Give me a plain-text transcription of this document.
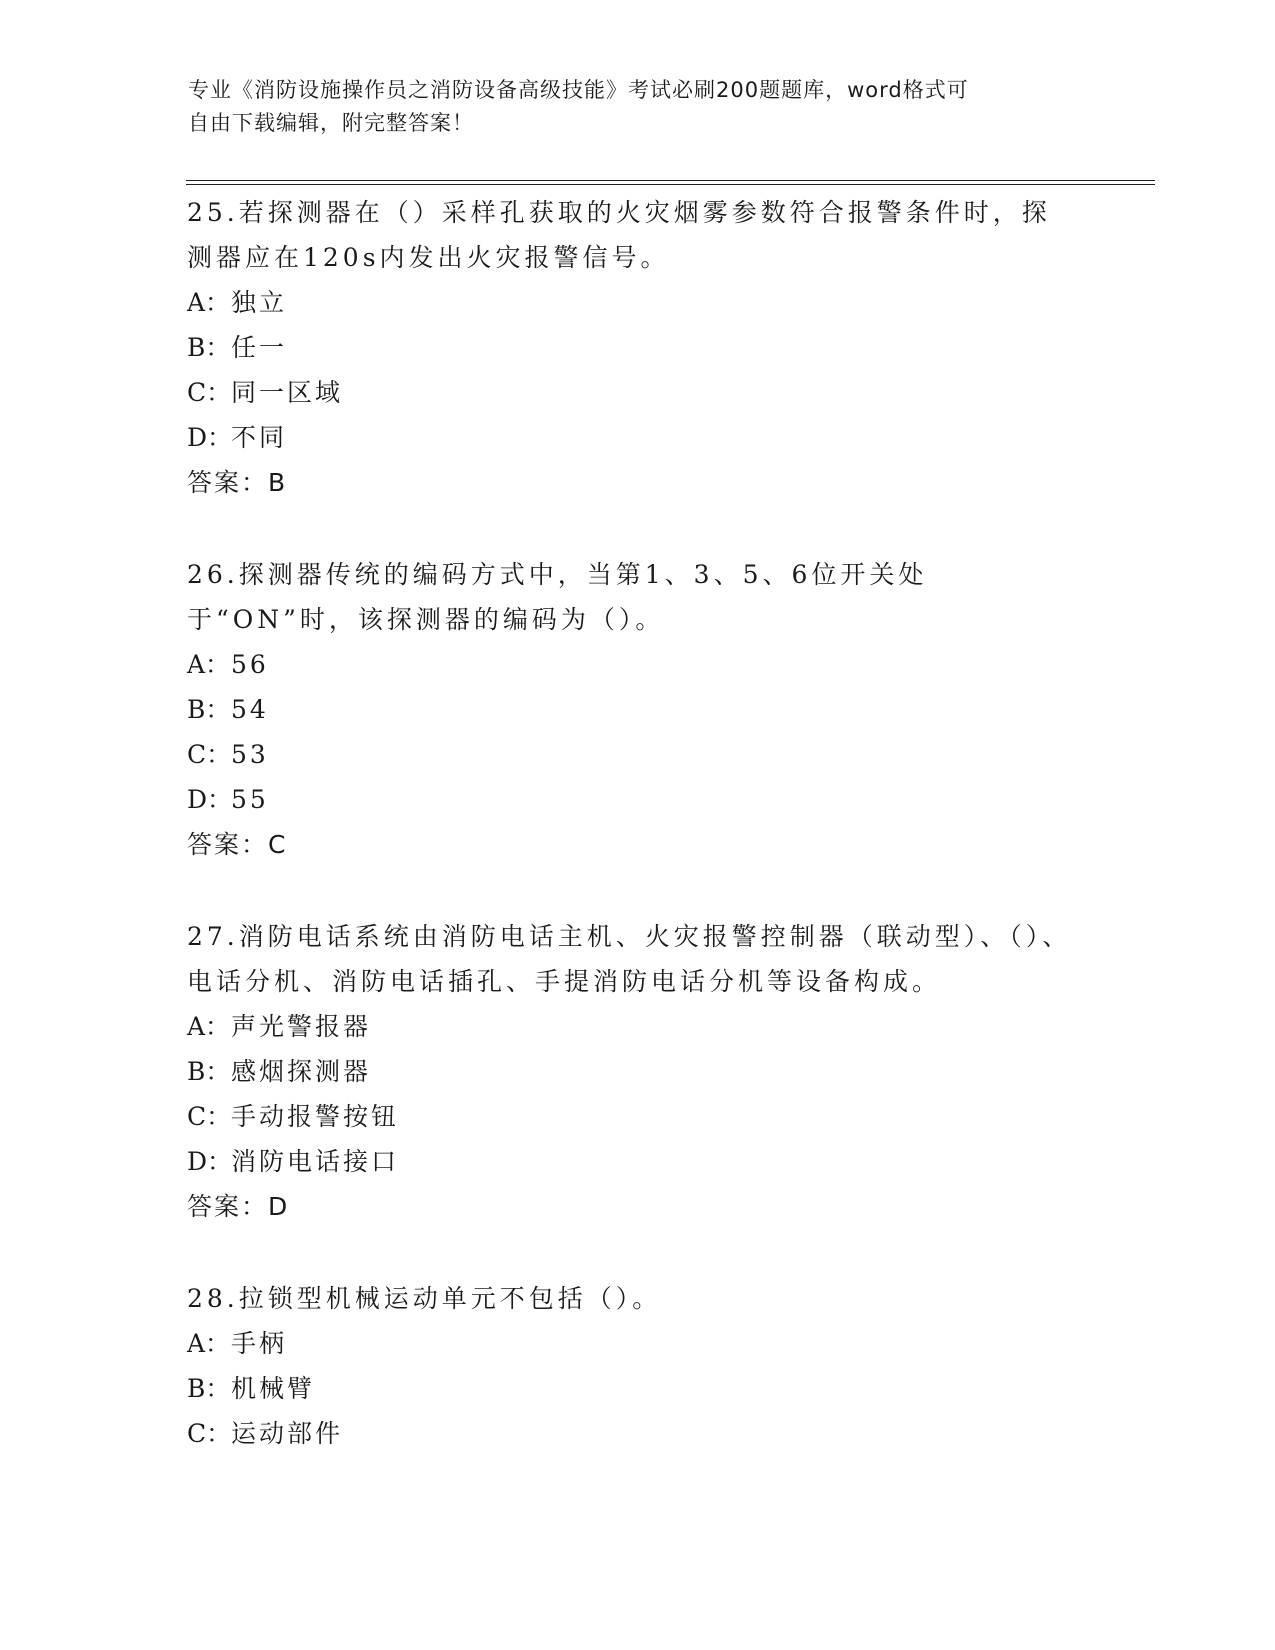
专业《消防设施操作员之消防设备高级技能》考试必刷200题题库，word格式可
自由下载编辑，附完整答案！

25.若探测器在（）采样孔获取的火灾烟雾参数符合报警条件时，探测器应在120s内发出火灾报警信号。

A：独立

B：任一

C：同一区域

D：不同

答案：B

26.探测器传统的编码方式中，当第1、3、5、6位开关处于“ON”时，该探测器的编码为（）。

A：56

B：54

C：53

D：55

答案：C

27.消防电话系统由消防电话主机、火灾报警控制器（联动型）、（）、电话分机、消防电话插孔、手提消防电话分机等设备构成。

A：声光警报器

B：感烟探测器

C：手动报警按钮

D：消防电话接口

答案：D

28.拉锁型机械运动单元不包括（）。

A：手柄

B：机械臂

C：运动部件
